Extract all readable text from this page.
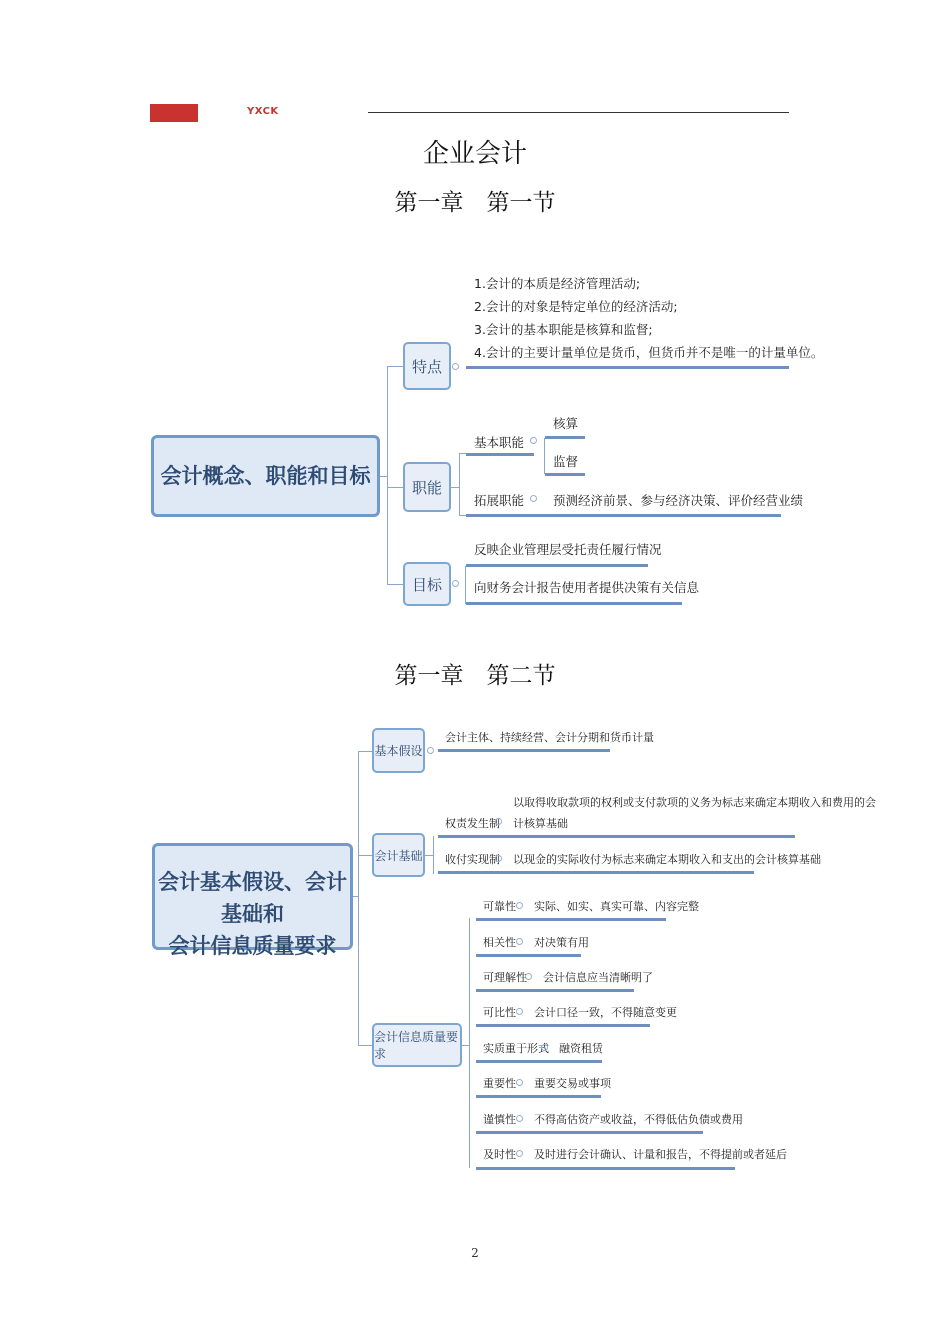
YXCK
企业会计
第一章　第一节
会计概念、职能和目标
特点
1.会计的本质是经济管理活动;
2.会计的对象是特定单位的经济活动;
3.会计的基本职能是核算和监督;
4.会计的主要计量单位是货币，但货币并不是唯一的计量单位。
职能
基本职能
核算
监督
拓展职能 预测经济前景、参与经济决策、评价经营业绩
目标
反映企业管理层受托责任履行情况
向财务会计报告使用者提供决策有关信息
第一章　第二节
会计基本假设、会计基础和
会计信息质量要求
基本假设
会计主体、持续经营、会计分期和货币计量
会计基础
权责发生制
以取得收取款项的权利或支付款项的义务为标志来确定本期收入和费用的会
计核算基础
收付实现制 以现金的实际收付为标志来确定本期收入和支出的会计核算基础
会计信息质量要求
可靠性 实际、如实、真实可靠、内容完整
相关性 对决策有用
可理解性 会计信息应当清晰明了
可比性 会计口径一致，不得随意变更
实质重于形式 融资租赁
重要性 重要交易或事项
谨慎性 不得高估资产或收益，不得低估负债或费用
及时性 及时进行会计确认、计量和报告，不得提前或者延后
2
